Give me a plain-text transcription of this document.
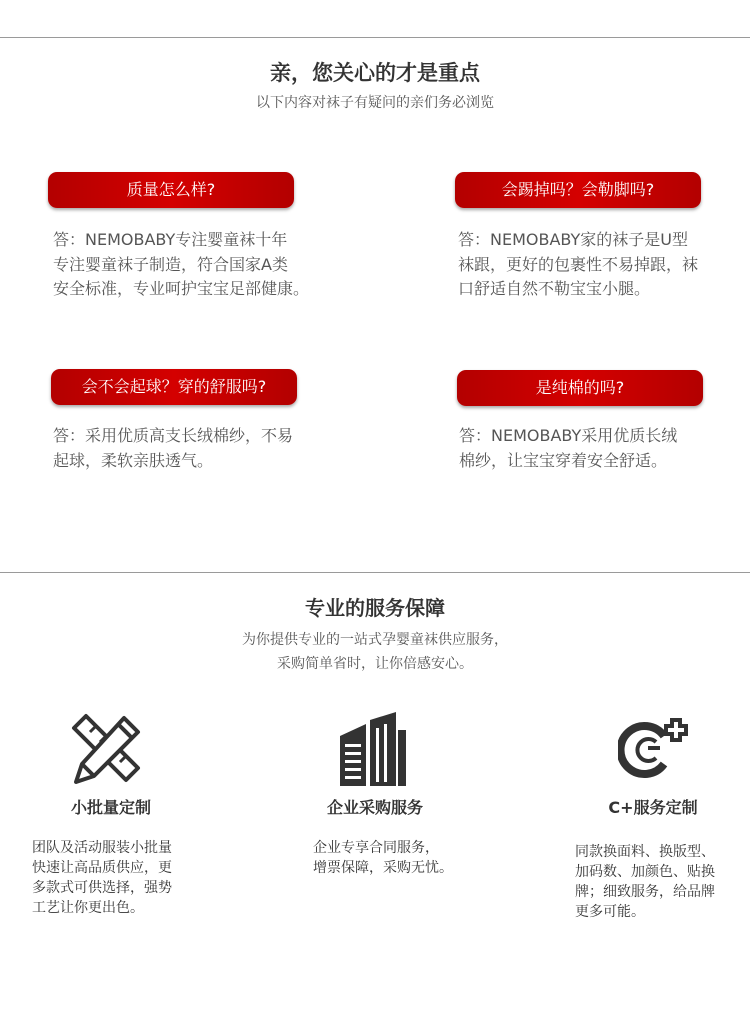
亲，您关心的才是重点
以下内容对袜子有疑问的亲们务必浏览
质量怎么样?
答：NEMOBABY专注婴童袜十年
专注婴童袜子制造，符合国家A类
安全标准，专业呵护宝宝足部健康。
会踢掉吗？会勒脚吗?
答：NEMOBABY家的袜子是U型
袜跟，更好的包裹性不易掉跟，袜
口舒适自然不勒宝宝小腿。
会不会起球？穿的舒服吗?
答：采用优质高支长绒棉纱，不易
起球，柔软亲肤透气。
是纯棉的吗?
答：NEMOBABY采用优质长绒
棉纱，让宝宝穿着安全舒适。
专业的服务保障
为你提供专业的一站式孕婴童袜供应服务，
采购简单省时，让你倍感安心。
小批量定制
团队及活动服装小批量
快速让高品质供应，更
多款式可供选择，强势
工艺让你更出色。
企业采购服务
企业专享合同服务，
增票保障，采购无忧。
C+服务定制
同款换面料、换版型、
加码数、加颜色、贴换
牌；细致服务，给品牌
更多可能。
